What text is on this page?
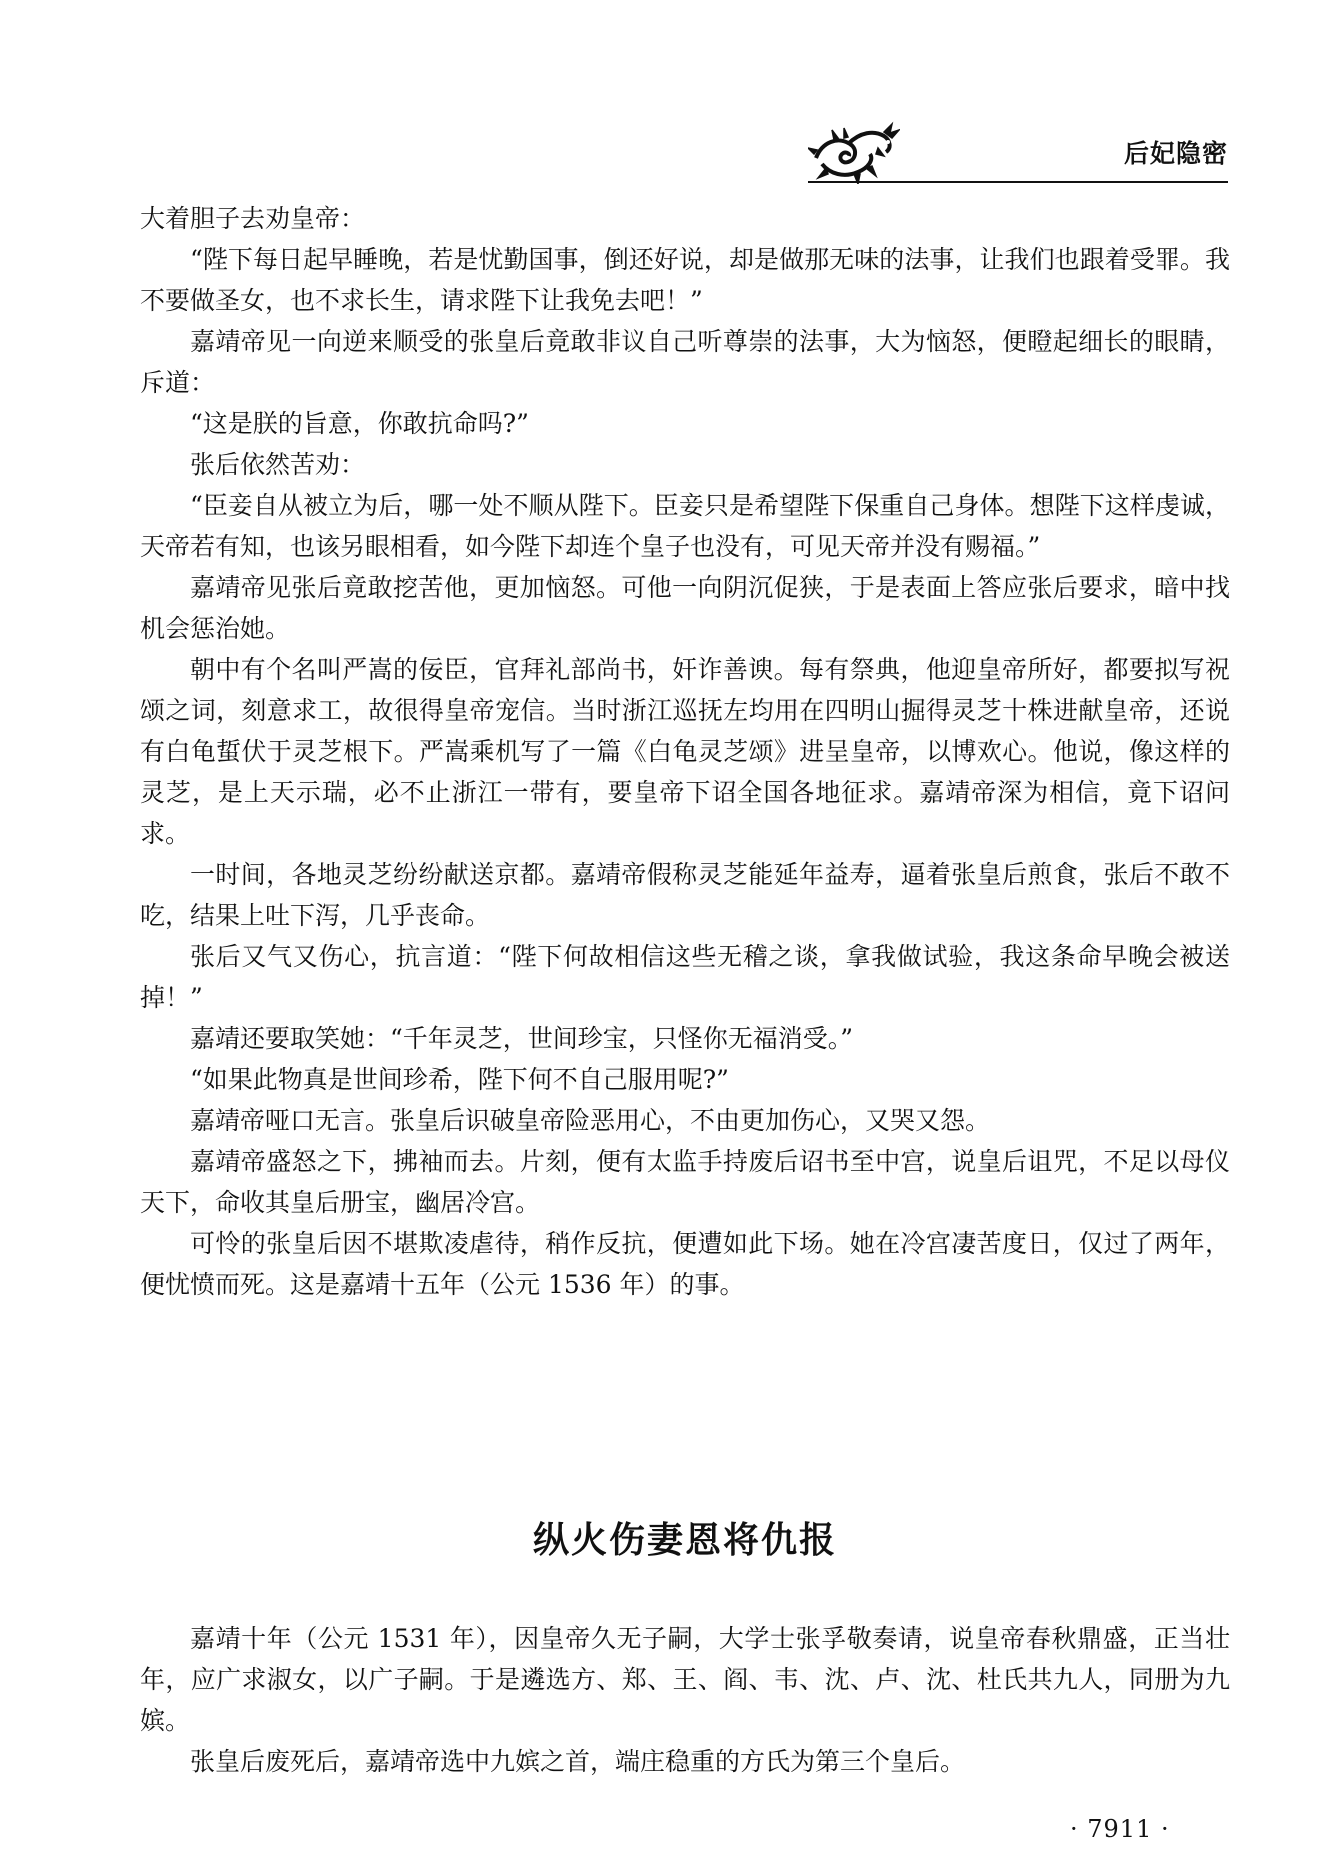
后妃隐密

大着胆子去劝皇帝：

“陛下每日起早睡晚，若是忧勤国事，倒还好说，却是做那无味的法事，让我们也跟着受罪。我不要做圣女，也不求长生，请求陛下让我免去吧！”

嘉靖帝见一向逆来顺受的张皇后竟敢非议自己听尊崇的法事，大为恼怒，便瞪起细长的眼睛，斥道：

“这是朕的旨意，你敢抗命吗?”

张后依然苦劝：

“臣妾自从被立为后，哪一处不顺从陛下。臣妾只是希望陛下保重自己身体。想陛下这样虔诚，天帝若有知，也该另眼相看，如今陛下却连个皇子也没有，可见天帝并没有赐福。”

嘉靖帝见张后竟敢挖苦他，更加恼怒。可他一向阴沉促狭，于是表面上答应张后要求，暗中找机会惩治她。

朝中有个名叫严嵩的佞臣，官拜礼部尚书，奸诈善谀。每有祭典，他迎皇帝所好，都要拟写祝颂之词，刻意求工，故很得皇帝宠信。当时浙江巡抚左均用在四明山掘得灵芝十株进献皇帝，还说有白龟蜇伏于灵芝根下。严嵩乘机写了一篇《白龟灵芝颂》进呈皇帝，以博欢心。他说，像这样的灵芝，是上天示瑞，必不止浙江一带有，要皇帝下诏全国各地征求。嘉靖帝深为相信，竟下诏问求。

一时间，各地灵芝纷纷献送京都。嘉靖帝假称灵芝能延年益寿，逼着张皇后煎食，张后不敢不吃，结果上吐下泻，几乎丧命。

张后又气又伤心，抗言道：“陛下何故相信这些无稽之谈，拿我做试验，我这条命早晚会被送掉！”

嘉靖还要取笑她：“千年灵芝，世间珍宝，只怪你无福消受。”

“如果此物真是世间珍希，陛下何不自己服用呢?”

嘉靖帝哑口无言。张皇后识破皇帝险恶用心，不由更加伤心，又哭又怨。

嘉靖帝盛怒之下，拂袖而去。片刻，便有太监手持废后诏书至中宫，说皇后诅咒，不足以母仪天下，命收其皇后册宝，幽居冷宫。

可怜的张皇后因不堪欺凌虐待，稍作反抗，便遭如此下场。她在冷宫凄苦度日，仅过了两年，便忧愤而死。这是嘉靖十五年（公元 1536 年）的事。

纵火伤妻恩将仇报

嘉靖十年（公元 1531 年），因皇帝久无子嗣，大学士张孚敬奏请，说皇帝春秋鼎盛，正当壮年，应广求淑女，以广子嗣。于是遴选方、郑、王、阎、韦、沈、卢、沈、杜氏共九人，同册为九嫔。

张皇后废死后，嘉靖帝选中九嫔之首，端庄稳重的方氏为第三个皇后。

· 7911 ·
